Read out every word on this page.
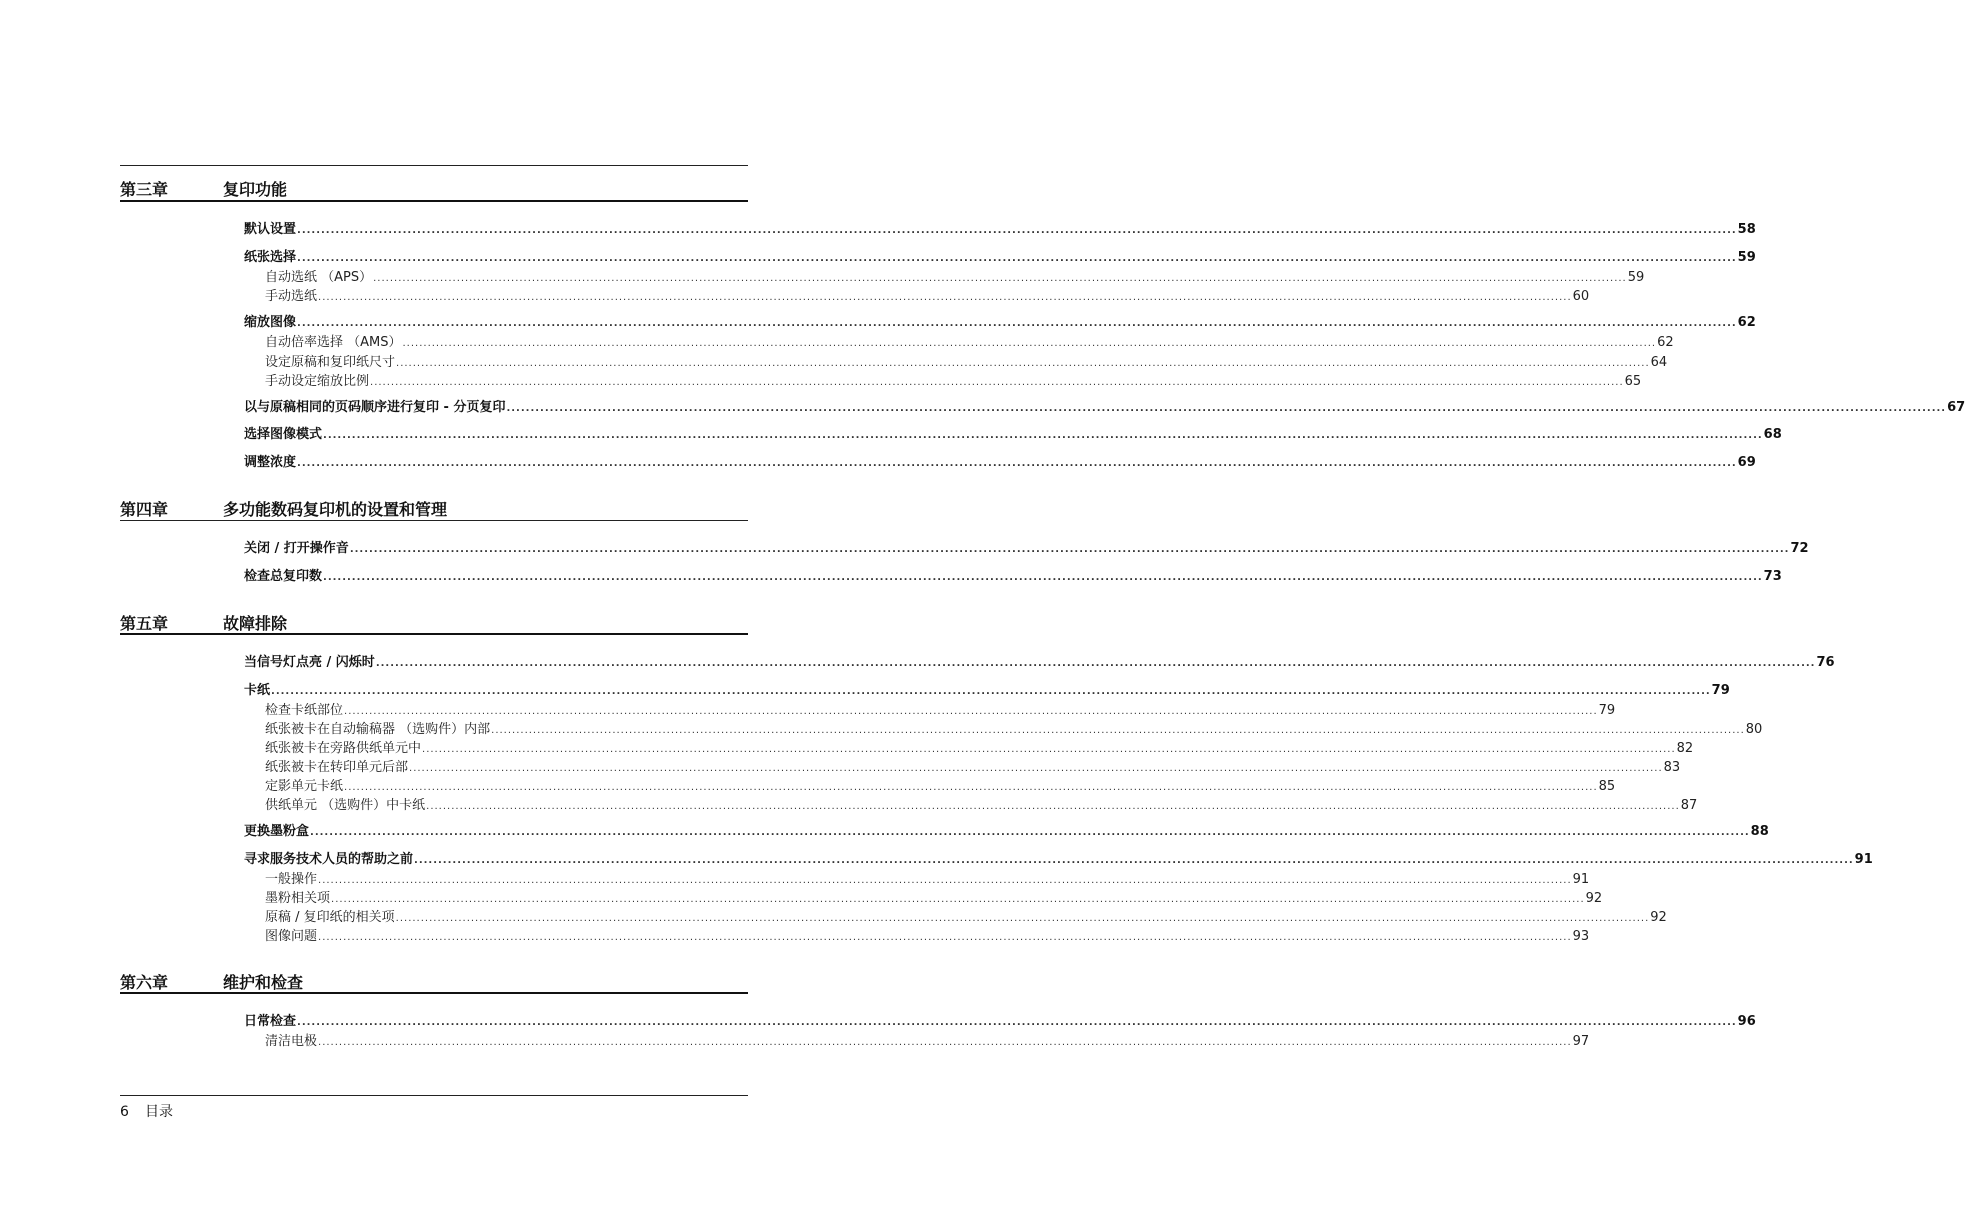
第三章	复印功能
默认设置 ............................................................................................................................................................................................................................................................................................................ 58
纸张选择 ............................................................................................................................................................................................................................................................................................................ 59
自动选纸 （APS） ............................................................................................................................................................................................................................................................................................................ 59
手动选纸 ............................................................................................................................................................................................................................................................................................................ 60
缩放图像 ............................................................................................................................................................................................................................................................................................................ 62
自动倍率选择 （AMS） ............................................................................................................................................................................................................................................................................................................ 62
设定原稿和复印纸尺寸 ............................................................................................................................................................................................................................................................................................................ 64
手动设定缩放比例 ............................................................................................................................................................................................................................................................................................................ 65
以与原稿相同的页码顺序进行复印 - 分页复印 ............................................................................................................................................................................................................................................................................................................ 67
选择图像模式 ............................................................................................................................................................................................................................................................................................................ 68
调整浓度 ............................................................................................................................................................................................................................................................................................................ 69
第四章	多功能数码复印机的设置和管理
关闭 / 打开操作音 ............................................................................................................................................................................................................................................................................................................ 72
检查总复印数 ............................................................................................................................................................................................................................................................................................................ 73
第五章	故障排除
当信号灯点亮 / 闪烁时 ............................................................................................................................................................................................................................................................................................................ 76
卡纸 ............................................................................................................................................................................................................................................................................................................ 79
检查卡纸部位 ............................................................................................................................................................................................................................................................................................................ 79
纸张被卡在自动输稿器 （选购件）内部 ............................................................................................................................................................................................................................................................................................................ 80
纸张被卡在旁路供纸单元中 ............................................................................................................................................................................................................................................................................................................ 82
纸张被卡在转印单元后部 ............................................................................................................................................................................................................................................................................................................ 83
定影单元卡纸 ............................................................................................................................................................................................................................................................................................................ 85
供纸单元 （选购件）中卡纸 ............................................................................................................................................................................................................................................................................................................ 87
更换墨粉盒 ............................................................................................................................................................................................................................................................................................................ 88
寻求服务技术人员的帮助之前 ............................................................................................................................................................................................................................................................................................................ 91
一般操作 ............................................................................................................................................................................................................................................................................................................ 91
墨粉相关项 ............................................................................................................................................................................................................................................................................................................ 92
原稿 / 复印纸的相关项 ............................................................................................................................................................................................................................................................................................................ 92
图像问题 ............................................................................................................................................................................................................................................................................................................ 93
第六章	维护和检查
日常检查 ............................................................................................................................................................................................................................................................................................................ 96
清洁电极 ............................................................................................................................................................................................................................................................................................................ 97
6 目录
